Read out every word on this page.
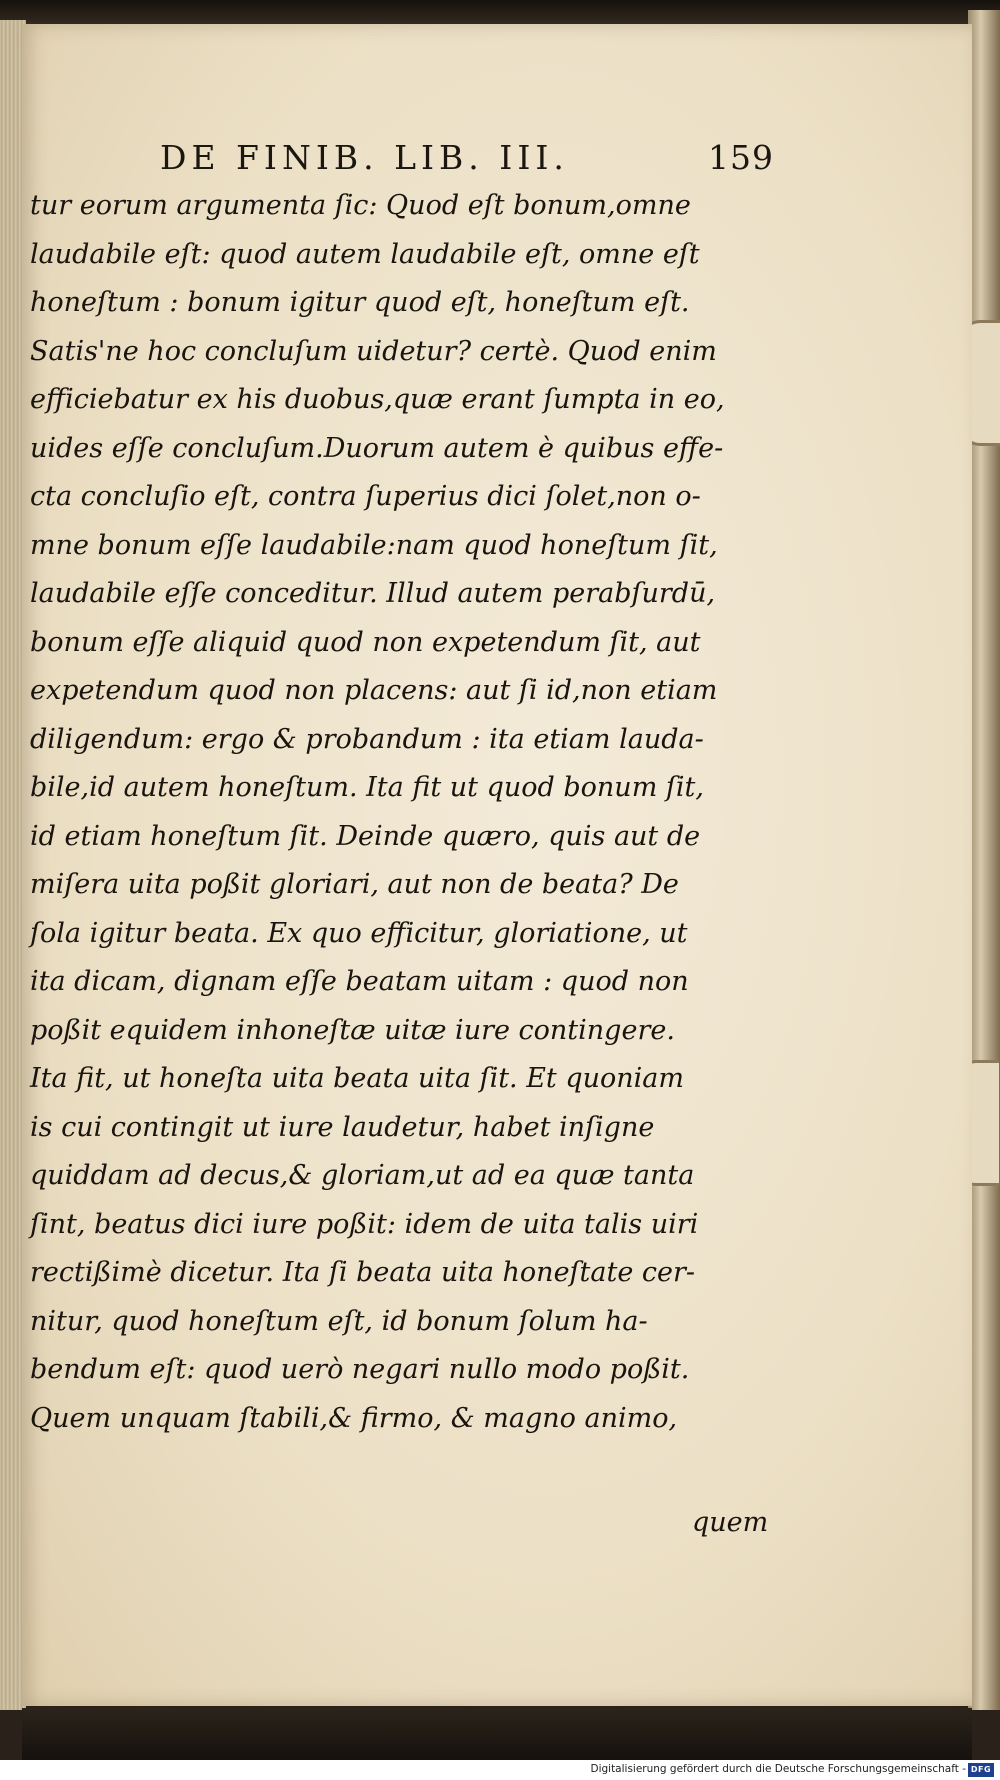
DE FINIB. LIB. III.	159
tur eorum argumenta ſic: Quod eſt bonum,omne
laudabile eſt: quod autem laudabile eſt, omne eſt
honeſtum : bonum igitur quod eſt, honeſtum eſt.
Satis'ne hoc concluſum uidetur? certè. Quod enim
efficiebatur ex his duobus,quæ erant ſumpta in eo,
uides eſſe concluſum.Duorum autem è quibus effe-
cta concluſio eſt, contra ſuperius dici ſolet,non o-
mne bonum eſſe laudabile:nam quod honeſtum ſit,
laudabile eſſe conceditur. Illud autem perabſurdū,
bonum eſſe aliquid quod non expetendum ſit, aut
expetendum quod non placens: aut ſi id,non etiam
diligendum: ergo & probandum : ita etiam lauda-
bile,id autem honeſtum. Ita fit ut quod bonum ſit,
id etiam honeſtum ſit. Deinde quæro, quis aut de
miſera uita poßit gloriari, aut non de beata? De
ſola igitur beata. Ex quo efficitur, gloriatione, ut
ita dicam, dignam eſſe beatam uitam : quod non
poßit equidem inhoneſtæ uitæ iure contingere.
Ita fit, ut honeſta uita beata uita ſit. Et quoniam
is cui contingit ut iure laudetur, habet inſigne
quiddam ad decus,& gloriam,ut ad ea quæ tanta
ſint, beatus dici iure poßit: idem de uita talis uiri
rectißimè dicetur. Ita ſi beata uita honeſtate cer-
nitur, quod honeſtum eſt, id bonum ſolum ha-
bendum eſt: quod uerò negari nullo modo poßit.
Quem unquam ſtabili,& firmo, & magno animo,
quem
Digitalisierung gefördert durch die Deutsche Forschungsgemeinschaft - DFG
